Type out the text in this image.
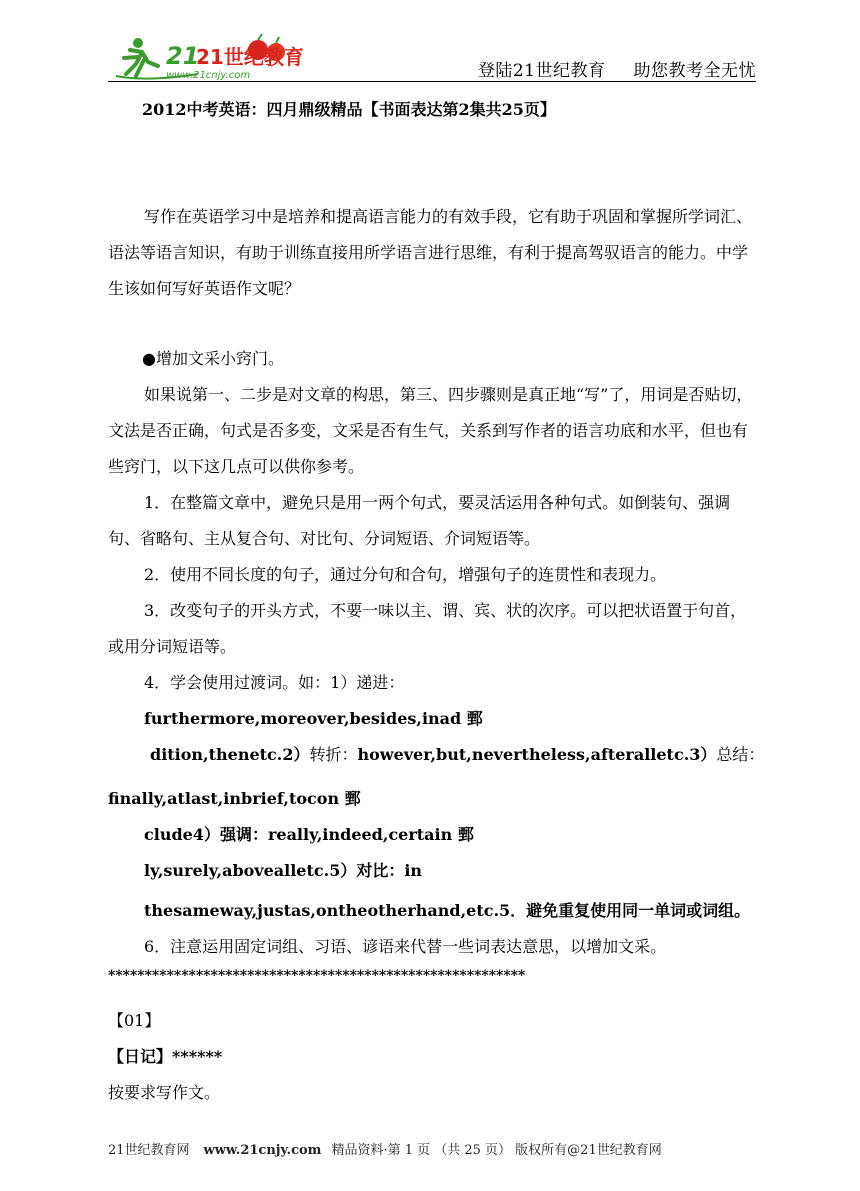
21
21世纪教育
www.21cnjy.com	登陆21世纪教育 助您教考全无忧
2012中考英语：四月鼎级精品【书面表达第2集共25页】

写作在英语学习中是培养和提高语言能力的有效手段，它有助于巩固和掌握所学词汇、语法等语言知识，有助于训练直接用所学语言进行思维，有利于提高驾驭语言的能力。中学生该如何写好英语作文呢？

●增加文采小窍门。

如果说第一、二步是对文章的构思，第三、四步骤则是真正地“写”了，用词是否贴切，文法是否正确，句式是否多变，文采是否有生气，关系到写作者的语言功底和水平，但也有些窍门，以下这几点可以供你参考。

1．在整篇文章中，避免只是用一两个句式，要灵活运用各种句式。如倒装句、强调句、省略句、主从复合句、对比句、分词短语、介词短语等。

2．使用不同长度的句子，通过分句和合句，增强句子的连贯性和表现力。

3．改变句子的开头方式，不要一味以主、谓、宾、状的次序。可以把状语置于句首，或用分词短语等。

4．学会使用过渡词。如：1）递进：
furthermore,moreover,besides,inad 鄄
dition,thenetc.2） 转折： however,but,nevertheless,afteralletc.3） 总结：
finally,atlast,inbrief,tocon 鄄
clude4）强调：really,indeed,certain 鄄
ly,surely,abovealletc.5）对比：in
thesameway,justas,ontheotherhand,etc.5．避免重复使用同一单词或词组。
6．注意运用固定词组、习语、谚语来代替一些词表达意思，以增加文采。
*********************************************************
【01】
【日记】******
按要求写作文。
21世纪教育网 www.21cnjy.com 精品资料·第 1 页 （共 25 页） 版权所有@21世纪教育网
